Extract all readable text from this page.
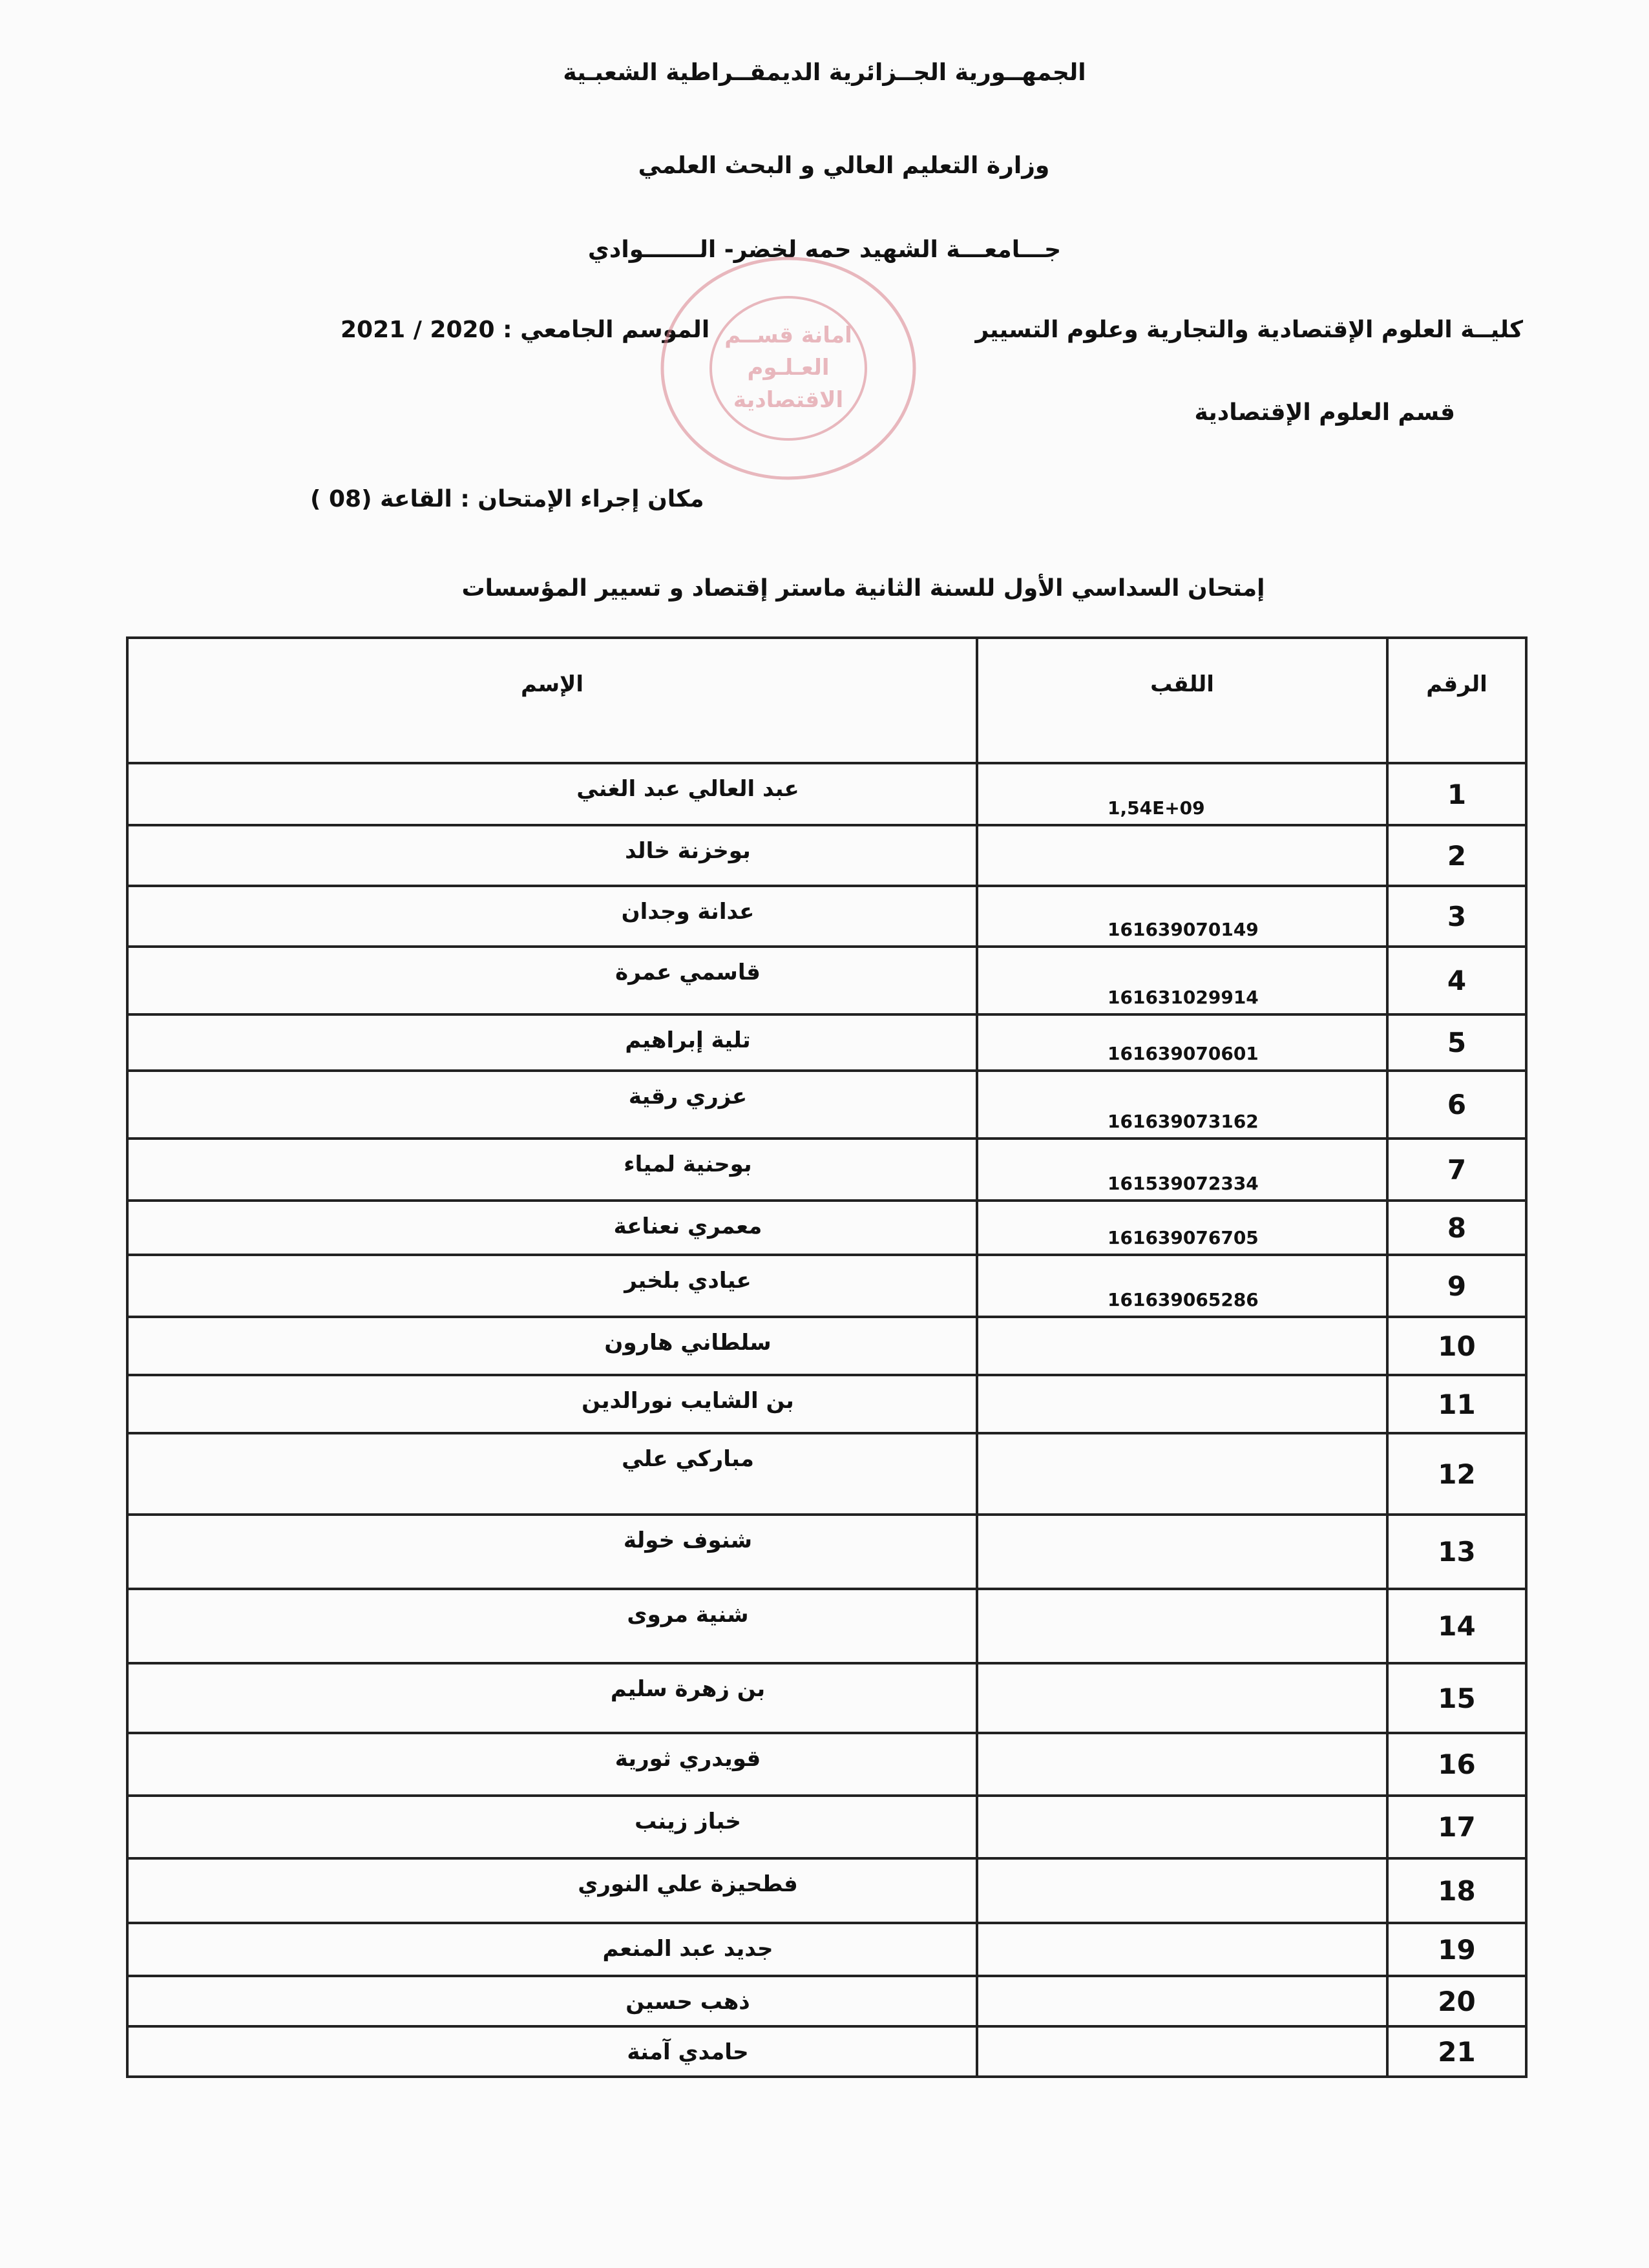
الجمهــورية الجــزائرية الديمقــراطية الشعبـية
وزارة التعليم العالي و البحث العلمي
جـــامعـــة الشهيد حمه لخضر- الـــــــوادي
كليــة العلوم الإقتصادية والتجارية وعلوم التسيير
2021 / 2020 الموسم الجامعي :
قسم العلوم الإقتصادية
( 08) مكان إجراء الإمتحان : القاعة
إمتحان السداسي الأول للسنة الثانية ماستر إقتصاد و تسيير المؤسسات
امانة قســم
العـلـوم
الاقتصادية
الرقم	اللقب	الإسم
1	1,54E+09	عبد العالي عبد الغني
2		بوخزنة خالد
3	161639070149	عدانة وجدان
4	161631029914	قاسمي عمرة
5	161639070601	تلية إبراهيم
6	161639073162	عزري رقية
7	161539072334	بوحنية لمياء
8	161639076705	معمري نعناعة
9	161639065286	عيادي بلخير
10		سلطاني هارون
11		بن الشايب نورالدين
12		مباركي علي
13		شنوف خولة
14		شنية مروى
15		بن زهرة سليم
16		قويدري ثورية
17		خباز زينب
18		فطحيزة علي النوري
19		جديد عبد المنعم
20		ذهب حسين
21		حامدي آمنة
